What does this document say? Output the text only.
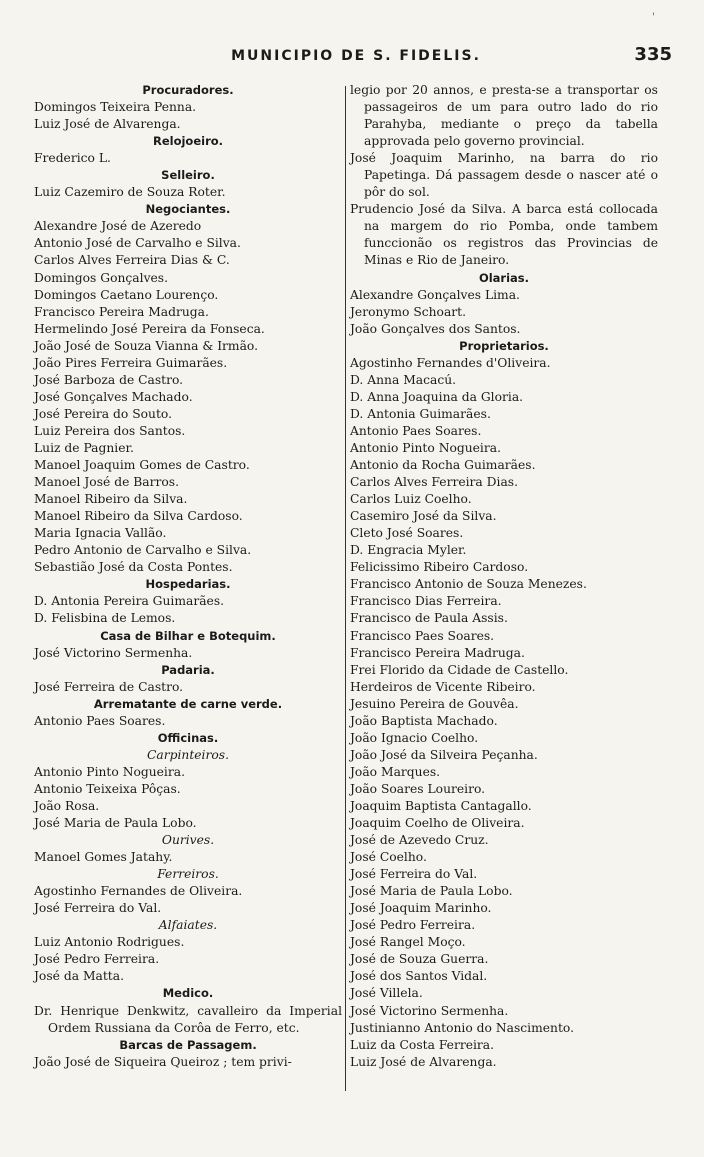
'
MUNICIPIO DE S. FIDELIS.	335
Procuradores.
Domingos Teixeira Penna.
Luiz José de Alvarenga.
Relojoeiro.
Frederico L.
Selleiro.
Luiz Cazemiro de Souza Roter.
Negociantes.
Alexandre José de Azeredo
Antonio José de Carvalho e Silva.
Carlos Alves Ferreira Dias & C.
Domingos Gonçalves.
Domingos Caetano Lourenço.
Francisco Pereira Madruga.
Hermelindo José Pereira da Fonseca.
João José de Souza Vianna & Irmão.
João Pires Ferreira Guimarães.
José Barboza de Castro.
José Gonçalves Machado.
José Pereira do Souto.
Luiz Pereira dos Santos.
Luiz de Pagnier.
Manoel Joaquim Gomes de Castro.
Manoel José de Barros.
Manoel Ribeiro da Silva.
Manoel Ribeiro da Silva Cardoso.
Maria Ignacia Vallão.
Pedro Antonio de Carvalho e Silva.
Sebastião José da Costa Pontes.
Hospedarias.
D. Antonia Pereira Guimarães.
D. Felisbina de Lemos.
Casa de Bilhar e Botequim.
José Victorino Sermenha.
Padaria.
José Ferreira de Castro.
Arrematante de carne verde.
Antonio Paes Soares.
Officinas.
Carpinteiros.
Antonio Pinto Nogueira.
Antonio Teixeixa Pôças.
João Rosa.
José Maria de Paula Lobo.
Ourives.
Manoel Gomes Jatahy.
Ferreiros.
Agostinho Fernandes de Oliveira.
José Ferreira do Val.
Alfaiates.
Luiz Antonio Rodrigues.
José Pedro Ferreira.
José da Matta.
Medico.
Dr. Henrique Denkwitz, cavalleiro da Imperial Ordem Russiana da Corôa de Ferro, etc.
Barcas de Passagem.
João José de Siqueira Queiroz ; tem privi-
legio por 20 annos, e presta-se a transportar os passageiros de um para outro lado do rio Parahyba, mediante o preço da tabella approvada pelo governo provincial.
José Joaquim Marinho, na barra do rio Papetinga. Dá passagem desde o nascer até o pôr do sol.
Prudencio José da Silva. A barca está collocada na margem do rio Pomba, onde tambem funccionão os registros das Provincias de Minas e Rio de Janeiro.
Olarias.
Alexandre Gonçalves Lima.
Jeronymo Schoart.
João Gonçalves dos Santos.
Proprietarios.
Agostinho Fernandes d'Oliveira.
D. Anna Macacú.
D. Anna Joaquina da Gloria.
D. Antonia Guimarães.
Antonio Paes Soares.
Antonio Pinto Nogueira.
Antonio da Rocha Guimarães.
Carlos Alves Ferreira Dias.
Carlos Luiz Coelho.
Casemiro José da Silva.
Cleto José Soares.
D. Engracia Myler.
Felicissimo Ribeiro Cardoso.
Francisco Antonio de Souza Menezes.
Francisco Dias Ferreira.
Francisco de Paula Assis.
Francisco Paes Soares.
Francisco Pereira Madruga.
Frei Florido da Cidade de Castello.
Herdeiros de Vicente Ribeiro.
Jesuino Pereira de Gouvêa.
João Baptista Machado.
João Ignacio Coelho.
João José da Silveira Peçanha.
João Marques.
João Soares Loureiro.
Joaquim Baptista Cantagallo.
Joaquim Coelho de Oliveira.
José de Azevedo Cruz.
José Coelho.
José Ferreira do Val.
José Maria de Paula Lobo.
José Joaquim Marinho.
José Pedro Ferreira.
José Rangel Moço.
José de Souza Guerra.
José dos Santos Vidal.
José Villela.
José Victorino Sermenha.
Justinianno Antonio do Nascimento.
Luiz da Costa Ferreira.
Luiz José de Alvarenga.
